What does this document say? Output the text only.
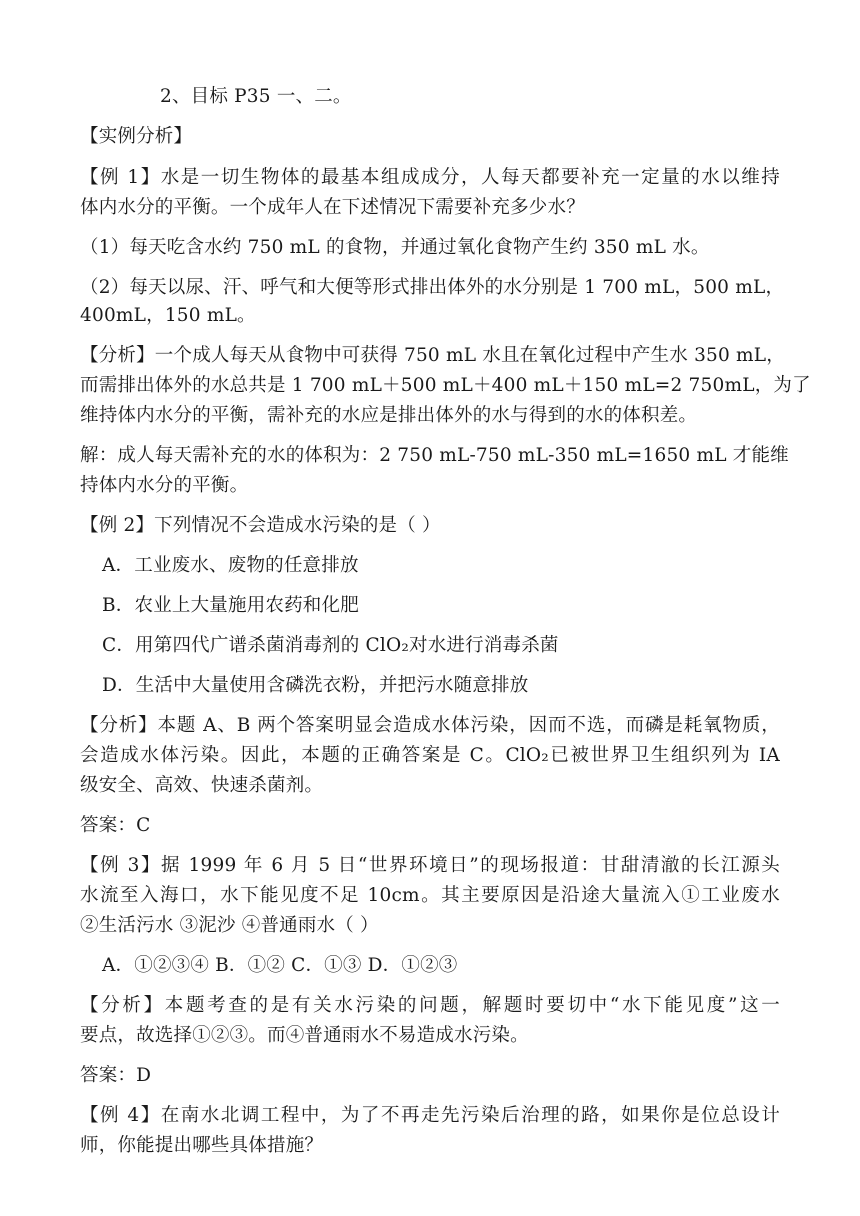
2、目标 P35 一、二。
【实例分析】
【例 1】水是一切生物体的最基本组成成分，人每天都要补充一定量的水以维持
体内水分的平衡。一个成年人在下述情况下需要补充多少水？
（1）每天吃含水约 750 mL 的食物，并通过氧化食物产生约 350 mL 水。
（2）每天以尿、汗、呼气和大便等形式排出体外的水分别是 1 700 mL，500 mL，
400mL，150 mL。
【分析】一个成人每天从食物中可获得 750 mL 水且在氧化过程中产生水 350 mL，
而需排出体外的水总共是 1 700 mL＋500 mL＋400 mL＋150 mL=2 750mL，为了
维持体内水分的平衡，需补充的水应是排出体外的水与得到的水的体积差。
解：成人每天需补充的水的体积为：2 750 mL-750 mL-350 mL=1650 mL 才能维
持体内水分的平衡。
【例 2】下列情况不会造成水污染的是（ ）
A．工业废水、废物的任意排放
B．农业上大量施用农药和化肥
C．用第四代广谱杀菌消毒剂的 ClO₂对水进行消毒杀菌
D．生活中大量使用含磷洗衣粉，并把污水随意排放
【分析】本题 A、B 两个答案明显会造成水体污染，因而不选，而磷是耗氧物质，
会造成水体污染。因此，本题的正确答案是 C。ClO₂已被世界卫生组织列为 IA
级安全、高效、快速杀菌剂。
答案：C
【例 3】据 1999 年 6 月 5 日“世界环境日”的现场报道：甘甜清澈的长江源头
水流至入海口，水下能见度不足 10cm。其主要原因是沿途大量流入①工业废水
②生活污水 ③泥沙 ④普通雨水（ ）
A．①②③④ B．①② C．①③ D．①②③
【分析】本题考查的是有关水污染的问题，解题时要切中“水下能见度”这一
要点，故选择①②③。而④普通雨水不易造成水污染。
答案：D
【例 4】在南水北调工程中，为了不再走先污染后治理的路，如果你是位总设计
师，你能提出哪些具体措施？
